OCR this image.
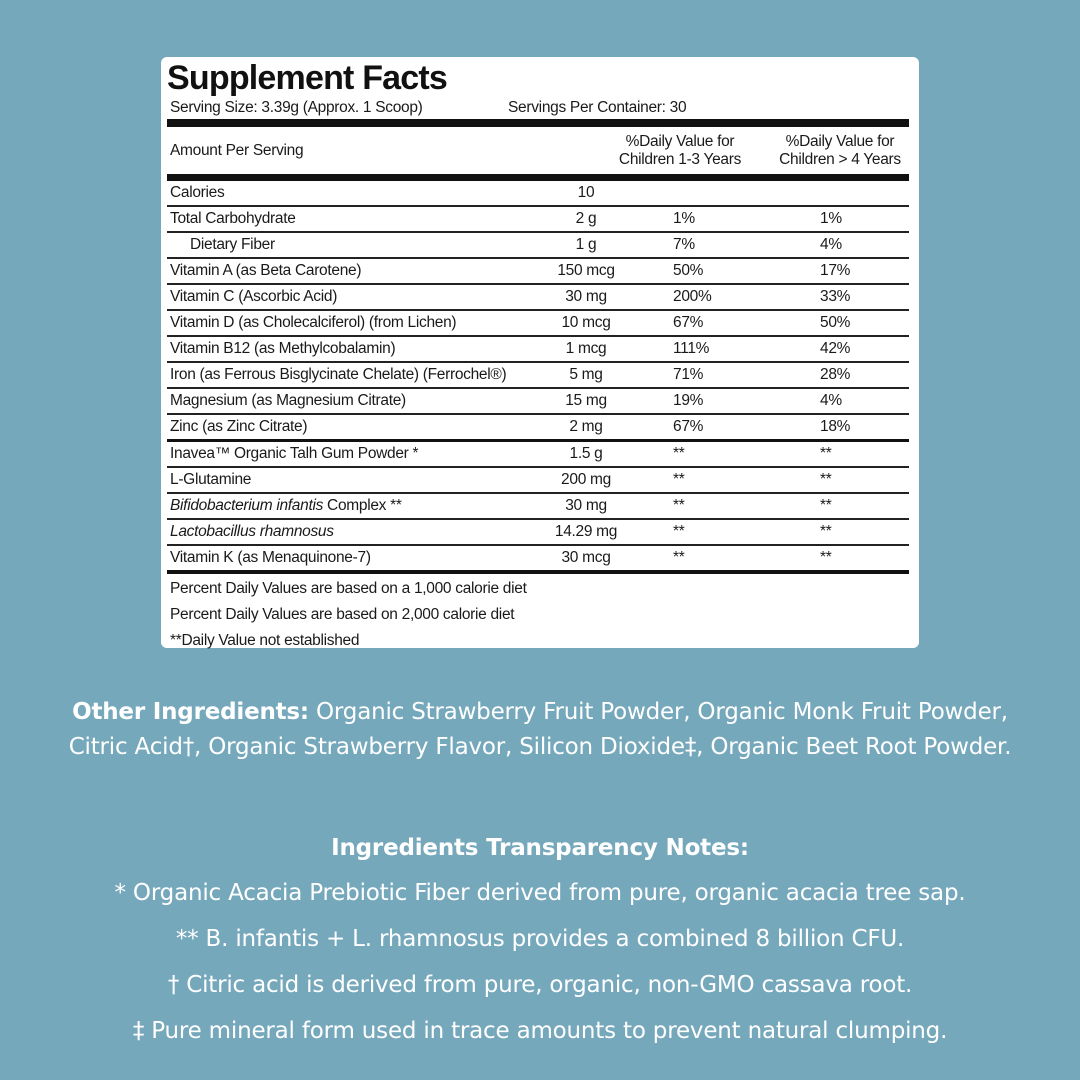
Supplement Facts
Serving Size: 3.39g (Approx. 1 Scoop)	Servings Per Container: 30
Amount Per Serving
%Daily Value for
Children 1-3 Years
%Daily Value for
Children > 4 Years
Calories	10
Total Carbohydrate	2 g	1%	1%
Dietary Fiber	1 g	7%	4%
Vitamin A (as Beta Carotene)	150 mcg	50%	17%
Vitamin C (Ascorbic Acid)	30 mg	200%	33%
Vitamin D (as Cholecalciferol) (from Lichen)	10 mcg	67%	50%
Vitamin B12 (as Methylcobalamin)	1 mcg	111%	42%
Iron (as Ferrous Bisglycinate Chelate) (Ferrochel®)	5 mg	71%	28%
Magnesium (as Magnesium Citrate)	15 mg	19%	4%
Zinc (as Zinc Citrate)	2 mg	67%	18%
Inavea™ Organic Talh Gum Powder *	1.5 g	**	**
L-Glutamine	200 mg	**	**
Bifidobacterium infantis Complex **	30 mg	**	**
Lactobacillus rhamnosus	14.29 mg	**	**
Vitamin K (as Menaquinone-7)	30 mcg	**	**
Percent Daily Values are based on a 1,000 calorie diet
Percent Daily Values are based on 2,000 calorie diet
**Daily Value not established
Other Ingredients: Organic Strawberry Fruit Powder, Organic Monk Fruit Powder, Citric Acid†, Organic Strawberry Flavor, Silicon Dioxide‡, Organic Beet Root Powder.
Ingredients Transparency Notes:
* Organic Acacia Prebiotic Fiber derived from pure, organic acacia tree sap.
** B. infantis + L. rhamnosus provides a combined 8 billion CFU.
† Citric acid is derived from pure, organic, non-GMO cassava root.
‡ Pure mineral form used in trace amounts to prevent natural clumping.
